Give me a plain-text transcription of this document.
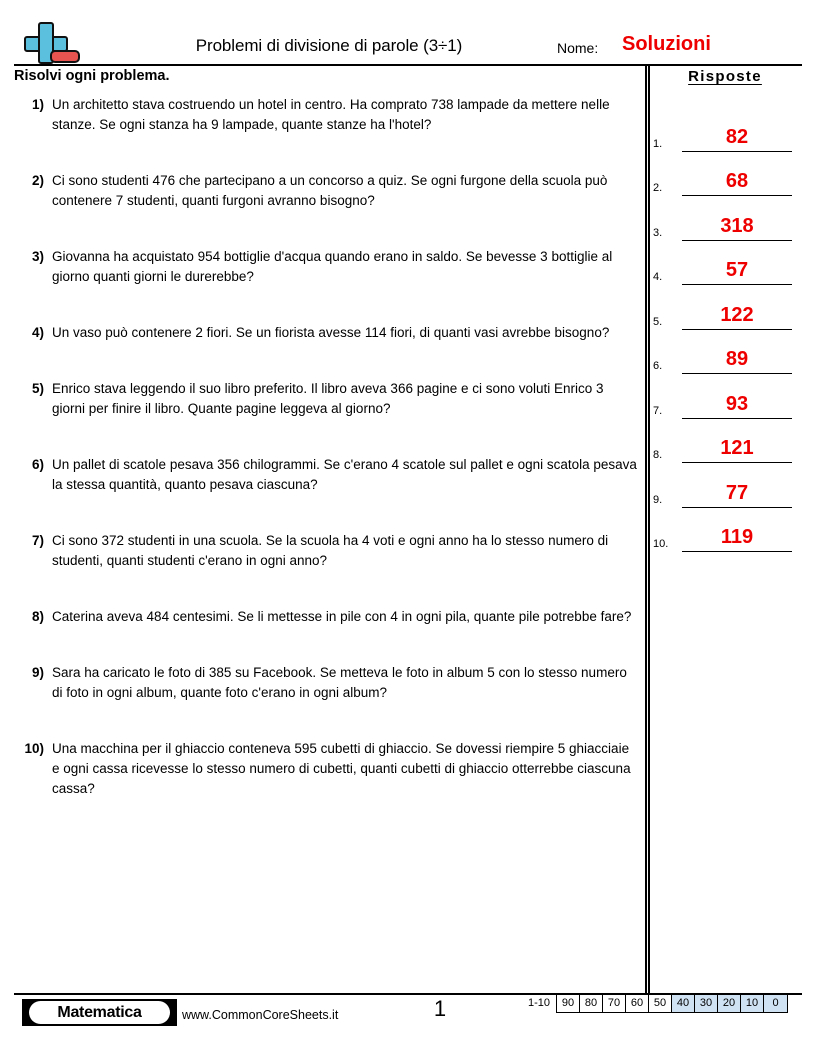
Problemi di divisione di parole (3÷1)	Nome: Soluzioni
Risolvi ogni problema.
1) Un architetto stava costruendo un hotel in centro. Ha comprato 738 lampade da mettere nelle stanze. Se ogni stanza ha 9 lampade, quante stanze ha l'hotel?
2) Ci sono studenti 476 che partecipano a un concorso a quiz. Se ogni furgone della scuola può contenere 7 studenti, quanti furgoni avranno bisogno?
3) Giovanna ha acquistato 954 bottiglie d'acqua quando erano in saldo. Se bevesse 3 bottiglie al giorno quanti giorni le durerebbe?
4) Un vaso può contenere 2 fiori. Se un fiorista avesse 114 fiori, di quanti vasi avrebbe bisogno?
5) Enrico stava leggendo il suo libro preferito. Il libro aveva 366 pagine e ci sono voluti Enrico 3 giorni per finire il libro. Quante pagine leggeva al giorno?
6) Un pallet di scatole pesava 356 chilogrammi. Se c'erano 4 scatole sul pallet e ogni scatola pesava la stessa quantità, quanto pesava ciascuna?
7) Ci sono 372 studenti in una scuola. Se la scuola ha 4 voti e ogni anno ha lo stesso numero di studenti, quanti studenti c'erano in ogni anno?
8) Caterina aveva 484 centesimi. Se li mettesse in pile con 4 in ogni pila, quante pile potrebbe fare?
9) Sara ha caricato le foto di 385 su Facebook. Se metteva le foto in album 5 con lo stesso numero di foto in ogni album, quante foto c'erano in ogni album?
10) Una macchina per il ghiaccio conteneva 595 cubetti di ghiaccio. Se dovessi riempire 5 ghiacciaie e ogni cassa ricevesse lo stesso numero di cubetti, quanti cubetti di ghiaccio otterrebbe ciascuna cassa?
Risposte
1.	82
2.	68
3.	318
4.	57
5.	122
6.	89
7.	93
8.	121
9.	77
10.	119
Matematica	www.CommonCoreSheets.it	1	1-10	90 80 70 60 50 40 30 20 10	0
